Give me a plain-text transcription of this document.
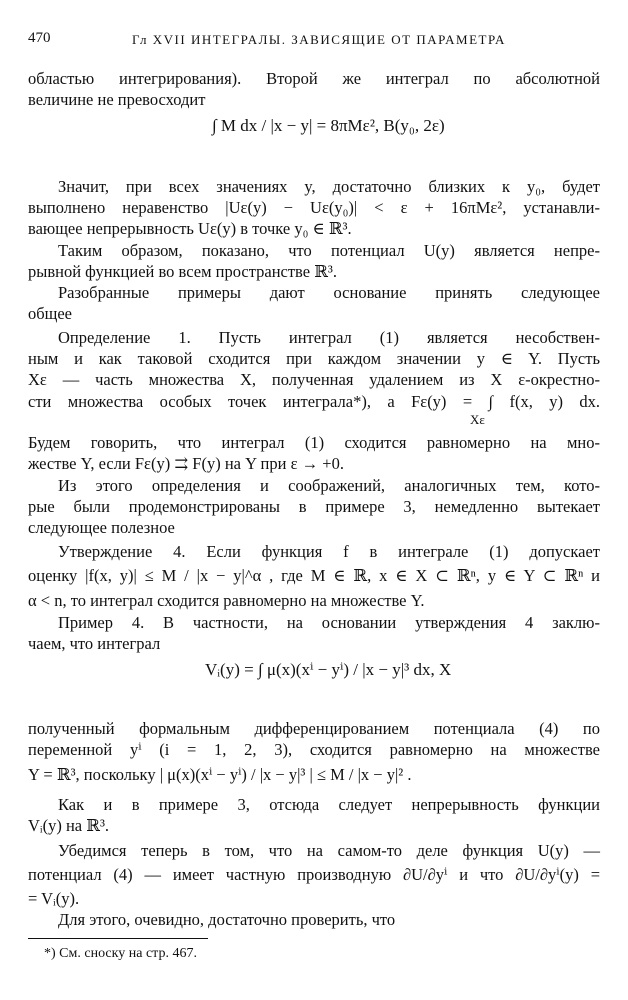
470	Гл XVII ИНТЕГРАЛЫ. ЗАВИСЯЩИЕ ОТ ПАРАМЕТРА

областью интегрирования). Второй же интеграл по абсолютной

величине не превосходит

∫ M dx / |x − y| = 8πMε², B(y₀, 2ε)

Значит, при всех значениях y, достаточно близких к y₀, будет

выполнено неравенство |Uε(y) − Uε(y₀)| < ε + 16πMε², устанавли-

вающее непрерывность Uε(y) в точке y₀ ∈ ℝ³.

Таким образом, показано, что потенциал U(y) является непре-

рывной функцией во всем пространстве ℝ³.

Разобранные примеры дают основание принять следующее

общее

Определение 1. Пусть интеграл (1) является несобствен-

ным и как таковой сходится при каждом значении y ∈ Y. Пусть

Xε — часть множества X, полученная удалением из X ε-окрестно-

сти множества особых точек интеграла*), а Fε(y) = ∫ f(x, y) dx.

Xε

Будем говорить, что интеграл (1) сходится равномерно на мно-

жестве Y, если Fε(y) ⇉ F(y) на Y при ε → +0.

Из этого определения и соображений, аналогичных тем, кото-

рые были продемонстрированы в примере 3, немедленно вытекает

следующее полезное

Утверждение 4. Если функция f в интеграле (1) допускает

оценку |f(x, y)| ≤ M / |x − y|^α , где M ∈ ℝ, x ∈ X ⊂ ℝⁿ, y ∈ Y ⊂ ℝⁿ и

α < n, то интеграл сходится равномерно на множестве Y.

Пример 4. В частности, на основании утверждения 4 заклю-

чаем, что интеграл

Vᵢ(y) = ∫ μ(x)(xⁱ − yⁱ) / |x − y|³ dx, X

полученный формальным дифференцированием потенциала (4) по

переменной yⁱ (i = 1, 2, 3), сходится равномерно на множестве

Y = ℝ³, поскольку | μ(x)(xⁱ − yⁱ) / |x − y|³ | ≤ M / |x − y|² .

Как и в примере 3, отсюда следует непрерывность функции

Vᵢ(y) на ℝ³.

Убедимся теперь в том, что на самом-то деле функция U(y) —

потенциал (4) — имеет частную производную ∂U/∂yⁱ и что ∂U/∂yⁱ(y) =

= Vᵢ(y).

Для этого, очевидно, достаточно проверить, что

*) См. сноску на стр. 467.
